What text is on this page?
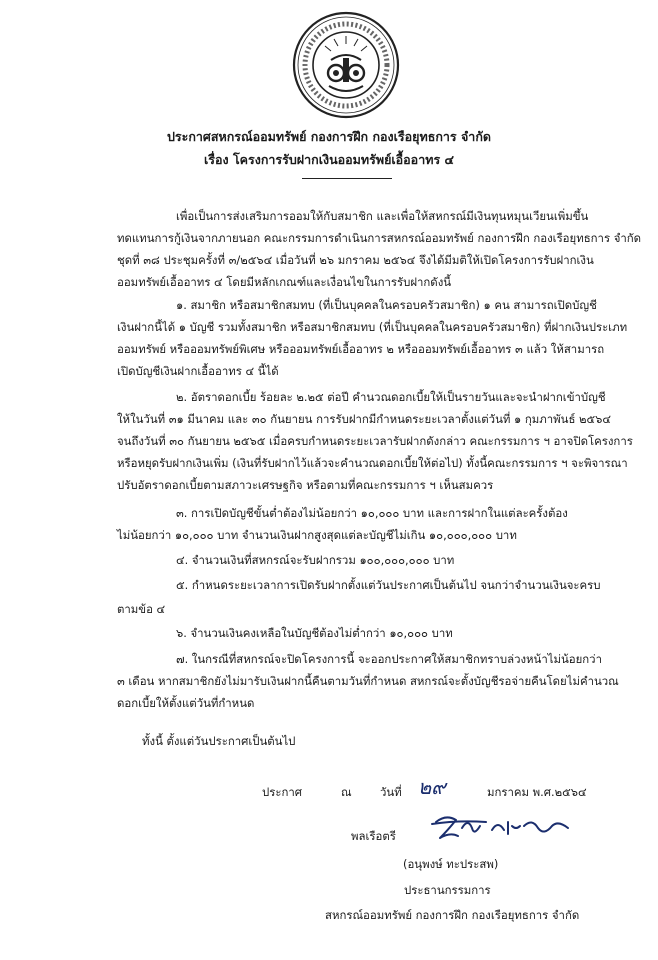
ประกาศสหกรณ์ออมทรัพย์ กองการฝึก กองเรือยุทธการ จำกัด
เรื่อง โครงการรับฝากเงินออมทรัพย์เอื้ออาทร ๔
เพื่อเป็นการส่งเสริมการออมให้กับสมาชิก และเพื่อให้สหกรณ์มีเงินทุนหมุนเวียนเพิ่มขึ้น
ทดแทนการกู้เงินจากภายนอก คณะกรรมการดำเนินการสหกรณ์ออมทรัพย์ กองการฝึก กองเรือยุทธการ จำกัด
ชุดที่ ๓๘ ประชุมครั้งที่ ๓/๒๕๖๔ เมื่อวันที่ ๒๖ มกราคม ๒๕๖๔ จึงได้มีมติให้เปิดโครงการรับฝากเงิน
ออมทรัพย์เอื้ออาทร ๔ โดยมีหลักเกณฑ์และเงื่อนไขในการรับฝากดังนี้
๑. สมาชิก หรือสมาชิกสมทบ (ที่เป็นบุคคลในครอบครัวสมาชิก) ๑ คน สามารถเปิดบัญชี
เงินฝากนี้ได้ ๑ บัญชี รวมทั้งสมาชิก หรือสมาชิกสมทบ (ที่เป็นบุคคลในครอบครัวสมาชิก) ที่ฝากเงินประเภท
ออมทรัพย์ หรือออมทรัพย์พิเศษ หรือออมทรัพย์เอื้ออาทร ๒ หรือออมทรัพย์เอื้ออาทร ๓ แล้ว ให้สามารถ
เปิดบัญชีเงินฝากเอื้ออาทร ๔ นี้ได้
๒. อัตราดอกเบี้ย ร้อยละ ๒.๒๕ ต่อปี คำนวณดอกเบี้ยให้เป็นรายวันและจะนำฝากเข้าบัญชี
ให้ในวันที่ ๓๑ มีนาคม และ ๓๐ กันยายน การรับฝากมีกำหนดระยะเวลาตั้งแต่วันที่ ๑ กุมภาพันธ์ ๒๕๖๔
จนถึงวันที่ ๓๐ กันยายน ๒๕๖๕ เมื่อครบกำหนดระยะเวลารับฝากดังกล่าว คณะกรรมการ ฯ อาจปิดโครงการ
หรือหยุดรับฝากเงินเพิ่ม (เงินที่รับฝากไว้แล้วจะคำนวณดอกเบี้ยให้ต่อไป) ทั้งนี้คณะกรรมการ ฯ จะพิจารณา
ปรับอัตราดอกเบี้ยตามสภาวะเศรษฐกิจ หรือตามที่คณะกรรมการ ฯ เห็นสมควร
๓. การเปิดบัญชีขั้นต่ำต้องไม่น้อยกว่า ๑๐,๐๐๐ บาท และการฝากในแต่ละครั้งต้อง
ไม่น้อยกว่า ๑๐,๐๐๐ บาท จำนวนเงินฝากสูงสุดแต่ละบัญชีไม่เกิน ๑๐,๐๐๐,๐๐๐ บาท
๔. จำนวนเงินที่สหกรณ์จะรับฝากรวม ๑๐๐,๐๐๐,๐๐๐ บาท
๕. กำหนดระยะเวลาการเปิดรับฝากตั้งแต่วันประกาศเป็นต้นไป จนกว่าจำนวนเงินจะครบ
ตามข้อ ๔
๖. จำนวนเงินคงเหลือในบัญชีต้องไม่ต่ำกว่า ๑๐,๐๐๐ บาท
๗. ในกรณีที่สหกรณ์จะปิดโครงการนี้ จะออกประกาศให้สมาชิกทราบล่วงหน้าไม่น้อยกว่า
๓ เดือน หากสมาชิกยังไม่มารับเงินฝากนี้คืนตามวันที่กำหนด สหกรณ์จะตั้งบัญชีรอจ่ายคืนโดยไม่คำนวณ
ดอกเบี้ยให้ตั้งแต่วันที่กำหนด
ทั้งนี้ ตั้งแต่วันประกาศเป็นต้นไป
ประกาศ	ณ วันที่ ๒๙	มกราคม พ.ศ.๒๕๖๔
พลเรือตรี
(อนุพงษ์ ทะประสพ)
ประธานกรรมการ
สหกรณ์ออมทรัพย์ กองการฝึก กองเรือยุทธการ จำกัด
